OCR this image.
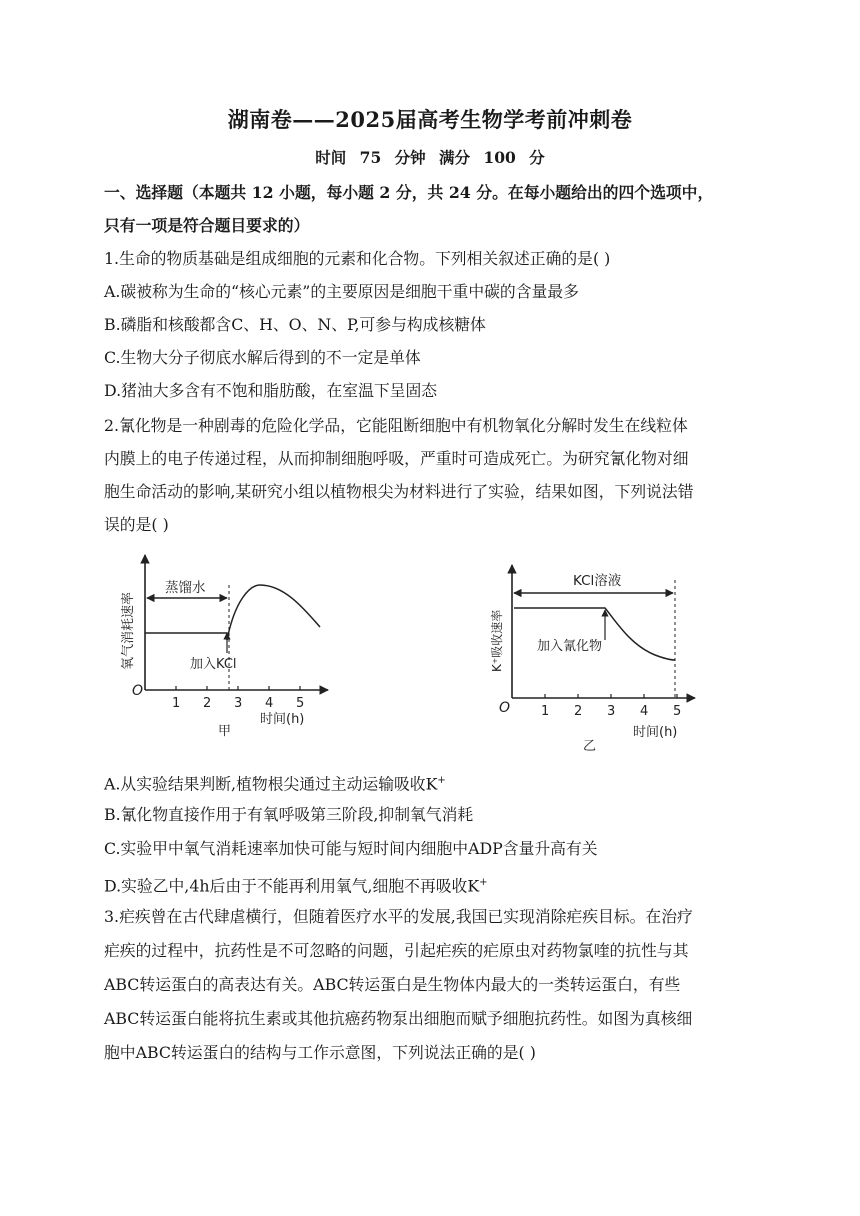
湖南卷——2025届高考生物学考前冲刺卷
时间 75 分钟 满分 100 分
一、选择题（本题共 12 小题，每小题 2 分，共 24 分。在每小题给出的四个选项中，
只有一项是符合题目要求的）
1.生命的物质基础是组成细胞的元素和化合物。下列相关叙述正确的是( )
A.碳被称为生命的“核心元素”的主要原因是细胞干重中碳的含量最多
B.磷脂和核酸都含C、H、O、N、P,可参与构成核糖体
C.生物大分子彻底水解后得到的不一定是单体
D.猪油大多含有不饱和脂肪酸，在室温下呈固态
2.氰化物是一种剧毒的危险化学品，它能阻断细胞中有机物氧化分解时发生在线粒体
内膜上的电子传递过程，从而抑制细胞呼吸，严重时可造成死亡。为研究氰化物对细
胞生命活动的影响,某研究小组以植物根尖为材料进行了实验，结果如图，下列说法错
误的是( )
氧气消耗速率
蒸馏水
加入KCl
O
1 2 3 4 5
时间(h)
甲
K⁺吸收速率
KCl溶液
加入氰化物
O 1 2 3 4 5
时间(h)
乙
A.从实验结果判断,植物根尖通过主动运输吸收K+
B.氰化物直接作用于有氧呼吸第三阶段,抑制氧气消耗
C.实验甲中氧气消耗速率加快可能与短时间内细胞中ADP含量升高有关
D.实验乙中,4h后由于不能再利用氧气,细胞不再吸收K+
3.疟疾曾在古代肆虐横行，但随着医疗水平的发展,我国已实现消除疟疾目标。在治疗
疟疾的过程中，抗药性是不可忽略的问题，引起疟疾的疟原虫对药物氯喹的抗性与其
ABC转运蛋白的高表达有关。ABC转运蛋白是生物体内最大的一类转运蛋白，有些
ABC转运蛋白能将抗生素或其他抗癌药物泵出细胞而赋予细胞抗药性。如图为真核细
胞中ABC转运蛋白的结构与工作示意图，下列说法正确的是( )
